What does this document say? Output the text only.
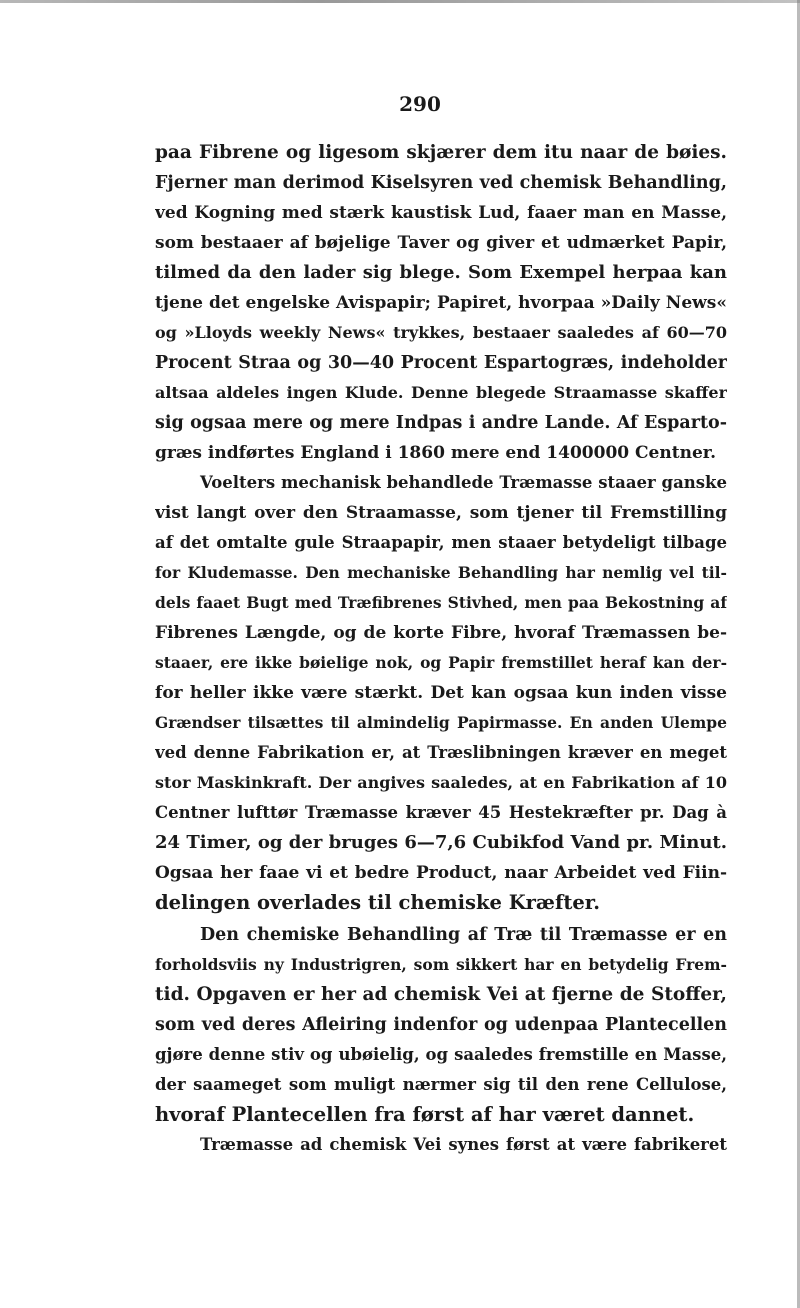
290
paa Fibrene og ligesom skjærer dem itu naar de bøies.
Fjerner man derimod Kiselsyren ved chemisk Behandling,
ved Kogning med stærk kaustisk Lud, faaer man en Masse,
som bestaaer af bøjelige Taver og giver et udmærket Papir,
tilmed da den lader sig blege. Som Exempel herpaa kan
tjene det engelske Avispapir; Papiret, hvorpaa »Daily News«
og »Lloyds weekly News« trykkes, bestaaer saaledes af 60—70
Procent Straa og 30—40 Procent Espartogræs, indeholder
altsaa aldeles ingen Klude. Denne blegede Straamasse skaffer
sig ogsaa mere og mere Indpas i andre Lande. Af Esparto-
græs indførtes England i 1860 mere end 1400000 Centner.
Voelters mechanisk behandlede Træmasse staaer ganske
vist langt over den Straamasse, som tjener til Fremstilling
af det omtalte gule Straapapir, men staaer betydeligt tilbage
for Kludemasse. Den mechaniske Behandling har nemlig vel til-
dels faaet Bugt med Træfibrenes Stivhed, men paa Bekostning af
Fibrenes Længde, og de korte Fibre, hvoraf Træmassen be-
staaer, ere ikke bøielige nok, og Papir fremstillet heraf kan der-
for heller ikke være stærkt. Det kan ogsaa kun inden visse
Grændser tilsættes til almindelig Papirmasse. En anden Ulempe
ved denne Fabrikation er, at Træslibningen kræver en meget
stor Maskinkraft. Der angives saaledes, at en Fabrikation af 10
Centner lufttør Træmasse kræver 45 Hestekræfter pr. Dag à
24 Timer, og der bruges 6—7,6 Cubikfod Vand pr. Minut.
Ogsaa her faae vi et bedre Product, naar Arbeidet ved Fiin-
delingen overlades til chemiske Kræfter.
Den chemiske Behandling af Træ til Træmasse er en
forholdsviis ny Industrigren, som sikkert har en betydelig Frem-
tid. Opgaven er her ad chemisk Vei at fjerne de Stoffer,
som ved deres Afleiring indenfor og udenpaa Plantecellen
gjøre denne stiv og ubøielig, og saaledes fremstille en Masse,
der saameget som muligt nærmer sig til den rene Cellulose,
hvoraf Plantecellen fra først af har været dannet.
Træmasse ad chemisk Vei synes først at være fabrikeret
